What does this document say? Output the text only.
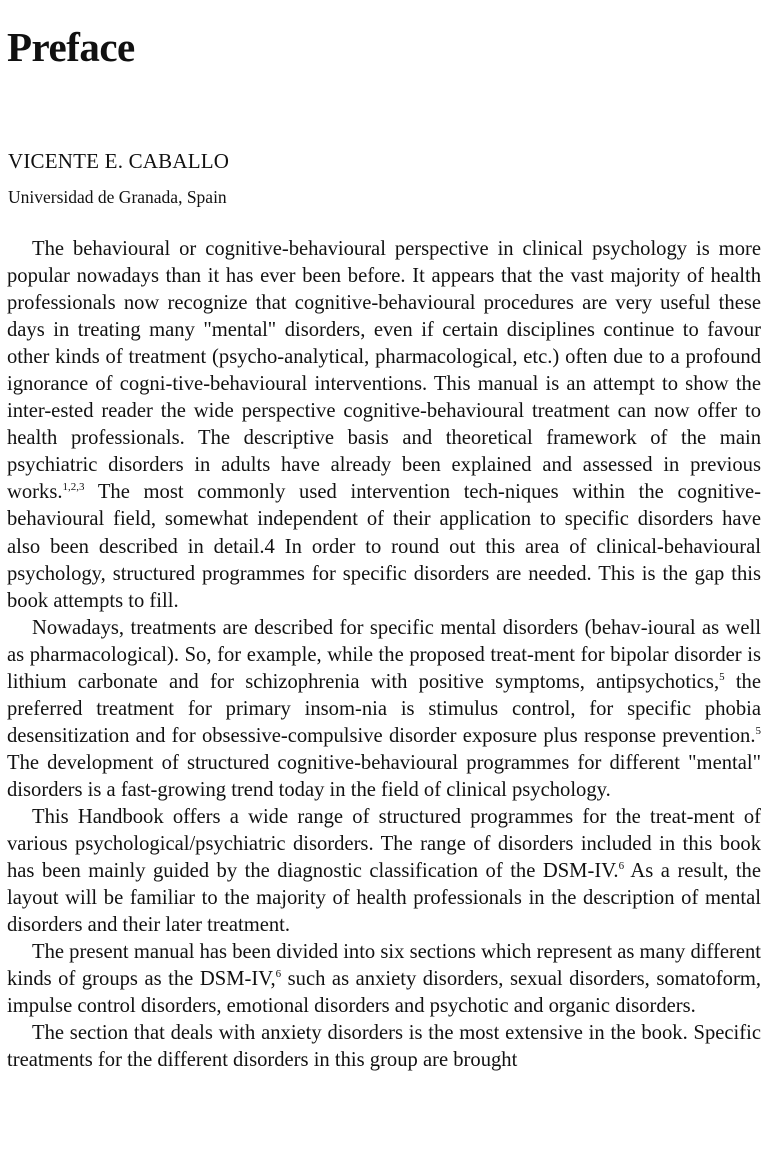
Preface
VICENTE E. CABALLO
Universidad de Granada, Spain

The behavioural or cognitive-behavioural perspective in clinical psychology is more popular nowadays than it has ever been before. It appears that the vast majority of health professionals now recognize that cognitive-behavioural procedures are very useful these days in treating many "mental" disorders, even if certain disciplines continue to favour other kinds of treatment (psycho-analytical, pharmacological, etc.) often due to a profound ignorance of cogni-tive-behavioural interventions. This manual is an attempt to show the inter-ested reader the wide perspective cognitive-behavioural treatment can now offer to health professionals. The descriptive basis and theoretical framework of the main psychiatric disorders in adults have already been explained and assessed in previous works.$^{1,2,3}$ The most commonly used intervention tech-niques within the cognitive-behavioural field, somewhat independent of their application to specific disorders have also been described in detail.4 In order to round out this area of clinical-behavioural psychology, structured programmes for specific disorders are needed. This is the gap this book attempts to fill.

Nowadays, treatments are described for specific mental disorders (behav-ioural as well as pharmacological). So, for example, while the proposed treat-ment for bipolar disorder is lithium carbonate and for schizophrenia with positive symptoms, antipsychotics,$^5$ the preferred treatment for primary insom-nia is stimulus control, for specific phobia desensitization and for obsessive-compulsive disorder exposure plus response prevention.$^5$ The development of structured cognitive-behavioural programmes for different "mental" disorders is a fast-growing trend today in the field of clinical psychology.

This Handbook offers a wide range of structured programmes for the treat-ment of various psychological/psychiatric disorders. The range of disorders included in this book has been mainly guided by the diagnostic classification of the DSM-IV.$^6$ As a result, the layout will be familiar to the majority of health professionals in the description of mental disorders and their later treatment.

The present manual has been divided into six sections which represent as many different kinds of groups as the DSM-IV,$^6$ such as anxiety disorders, sexual disorders, somatoform, impulse control disorders, emotional disorders and psychotic and organic disorders.

The section that deals with anxiety disorders is the most extensive in the book. Specific treatments for the different disorders in this group are brought
